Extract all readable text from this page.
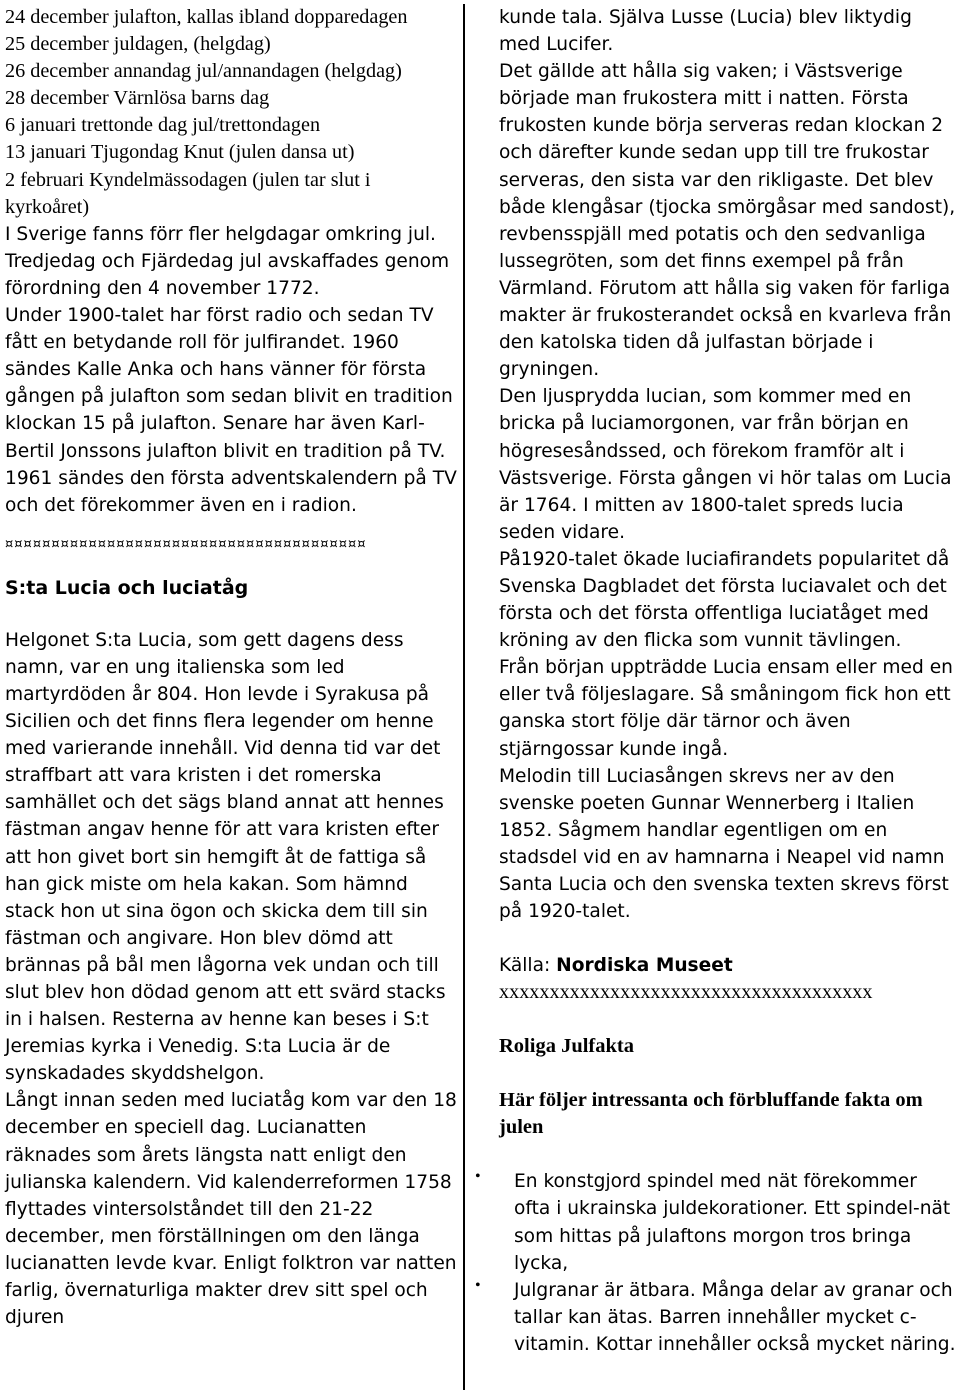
24 december julafton, kallas ibland dopparedagen

25 december juldagen, (helgdag)

26 december annandag jul/annandagen (helgdag)

28 december Värnlösa barns dag

6 januari trettonde dag jul/trettondagen

13 januari Tjugondag Knut (julen dansa ut)

2 februari Kyndelmässodagen (julen tar slut i kyrkoåret)

I Sverige fanns förr fler helgdagar omkring jul.

Tredjedag och Fjärdedag jul avskaffades genom förordning den 4 november 1772.

Under 1900-talet har först radio och sedan TV fått en betydande roll för julfirandet. 1960 sändes Kalle Anka och hans vänner för första gången på julafton som sedan blivit en tradition klockan 15 på julafton. Senare har även Karl-Bertil Jonssons julafton blivit en tradition på TV. 1961 sändes den första adventskalendern på TV och det förekommer även en i radion.

¤¤¤¤¤¤¤¤¤¤¤¤¤¤¤¤¤¤¤¤¤¤¤¤¤¤¤¤¤¤¤¤¤¤¤¤¤¤¤
S:ta Lucia och luciatåg

Helgonet S:ta Lucia, som gett dagens dess namn, var en ung italienska som led martyrdöden år 804. Hon levde i Syrakusa på Sicilien och det finns flera legender om henne med varierande innehåll. Vid denna tid var det straffbart att vara kristen i det romerska samhället och det sägs bland annat att hennes fästman angav henne för att vara kristen efter att hon givet bort sin hemgift åt de fattiga så han gick miste om hela kakan. Som hämnd stack hon ut sina ögon och skicka dem till sin fästman och angivare. Hon blev dömd att brännas på bål men lågorna vek undan och till slut blev hon dödad genom att ett svärd stacks in i halsen. Resterna av henne kan beses i S:t Jeremias kyrka i Venedig. S:ta Lucia är de synskadades skyddshelgon.

Långt innan seden med luciatåg kom var den 18 december en speciell dag. Lucianatten räknades som årets längsta natt enligt den julianska kalendern. Vid kalenderreformen 1758 flyttades vintersolståndet till den 21-22 december, men förställningen om den länga lucianatten levde kvar. Enligt folktron var natten farlig, övernaturliga makter drev sitt spel och djuren

kunde tala. Själva Lusse (Lucia) blev liktydig med Lucifer.

Det gällde att hålla sig vaken; i Västsverige började man frukostera mitt i natten. Första frukosten kunde börja serveras redan klockan 2 och därefter kunde sedan upp till tre frukostar serveras, den sista var den rikligaste. Det blev både klengåsar (tjocka smörgåsar med sandost), revbensspjäll med potatis och den sedvanliga lussegröten, som det finns exempel på från Värmland. Förutom att hålla sig vaken för farliga makter är frukosterandet också en kvarleva från den katolska tiden då julfastan började i gryningen.

Den ljusprydda lucian, som kommer med en bricka på luciamorgonen, var från början en högresesåndssed, och förekom framför alt i Västsverige. Första gången vi hör talas om Lucia är 1764. I mitten av 1800-talet spreds lucia seden vidare.

På1920-talet ökade luciafirandets popularitet då Svenska Dagbladet det första luciavalet och det första och det första offentliga luciatåget med kröning av den flicka som vunnit tävlingen.

Från början uppträdde Lucia ensam eller med en eller två följeslagare. Så småningom fick hon ett ganska stort följe där tärnor och även stjärngossar kunde ingå.

Melodin till Luciasången skrevs ner av den svenske poeten Gunnar Wennerberg i Italien 1852. Sågmem handlar egentligen om en stadsdel vid en av hamnarna i Neapel vid namn Santa Lucia och den svenska texten skrevs först på 1920-talet.

Källa: Nordiska Museet

xxxxxxxxxxxxxxxxxxxxxxxxxxxxxxxxxxxxx

Roliga Julfakta
Här följer intressanta och förbluffande fakta om julen
• En konstgjord spindel med nät förekommer ofta i ukrainska juldekorationer. Ett spindel-nät som hittas på julaftons morgon tros bringa lycka,

• Julgranar är ätbara. Många delar av granar och tallar kan ätas. Barren innehåller mycket c-vitamin. Kottar innehåller också mycket näring.
